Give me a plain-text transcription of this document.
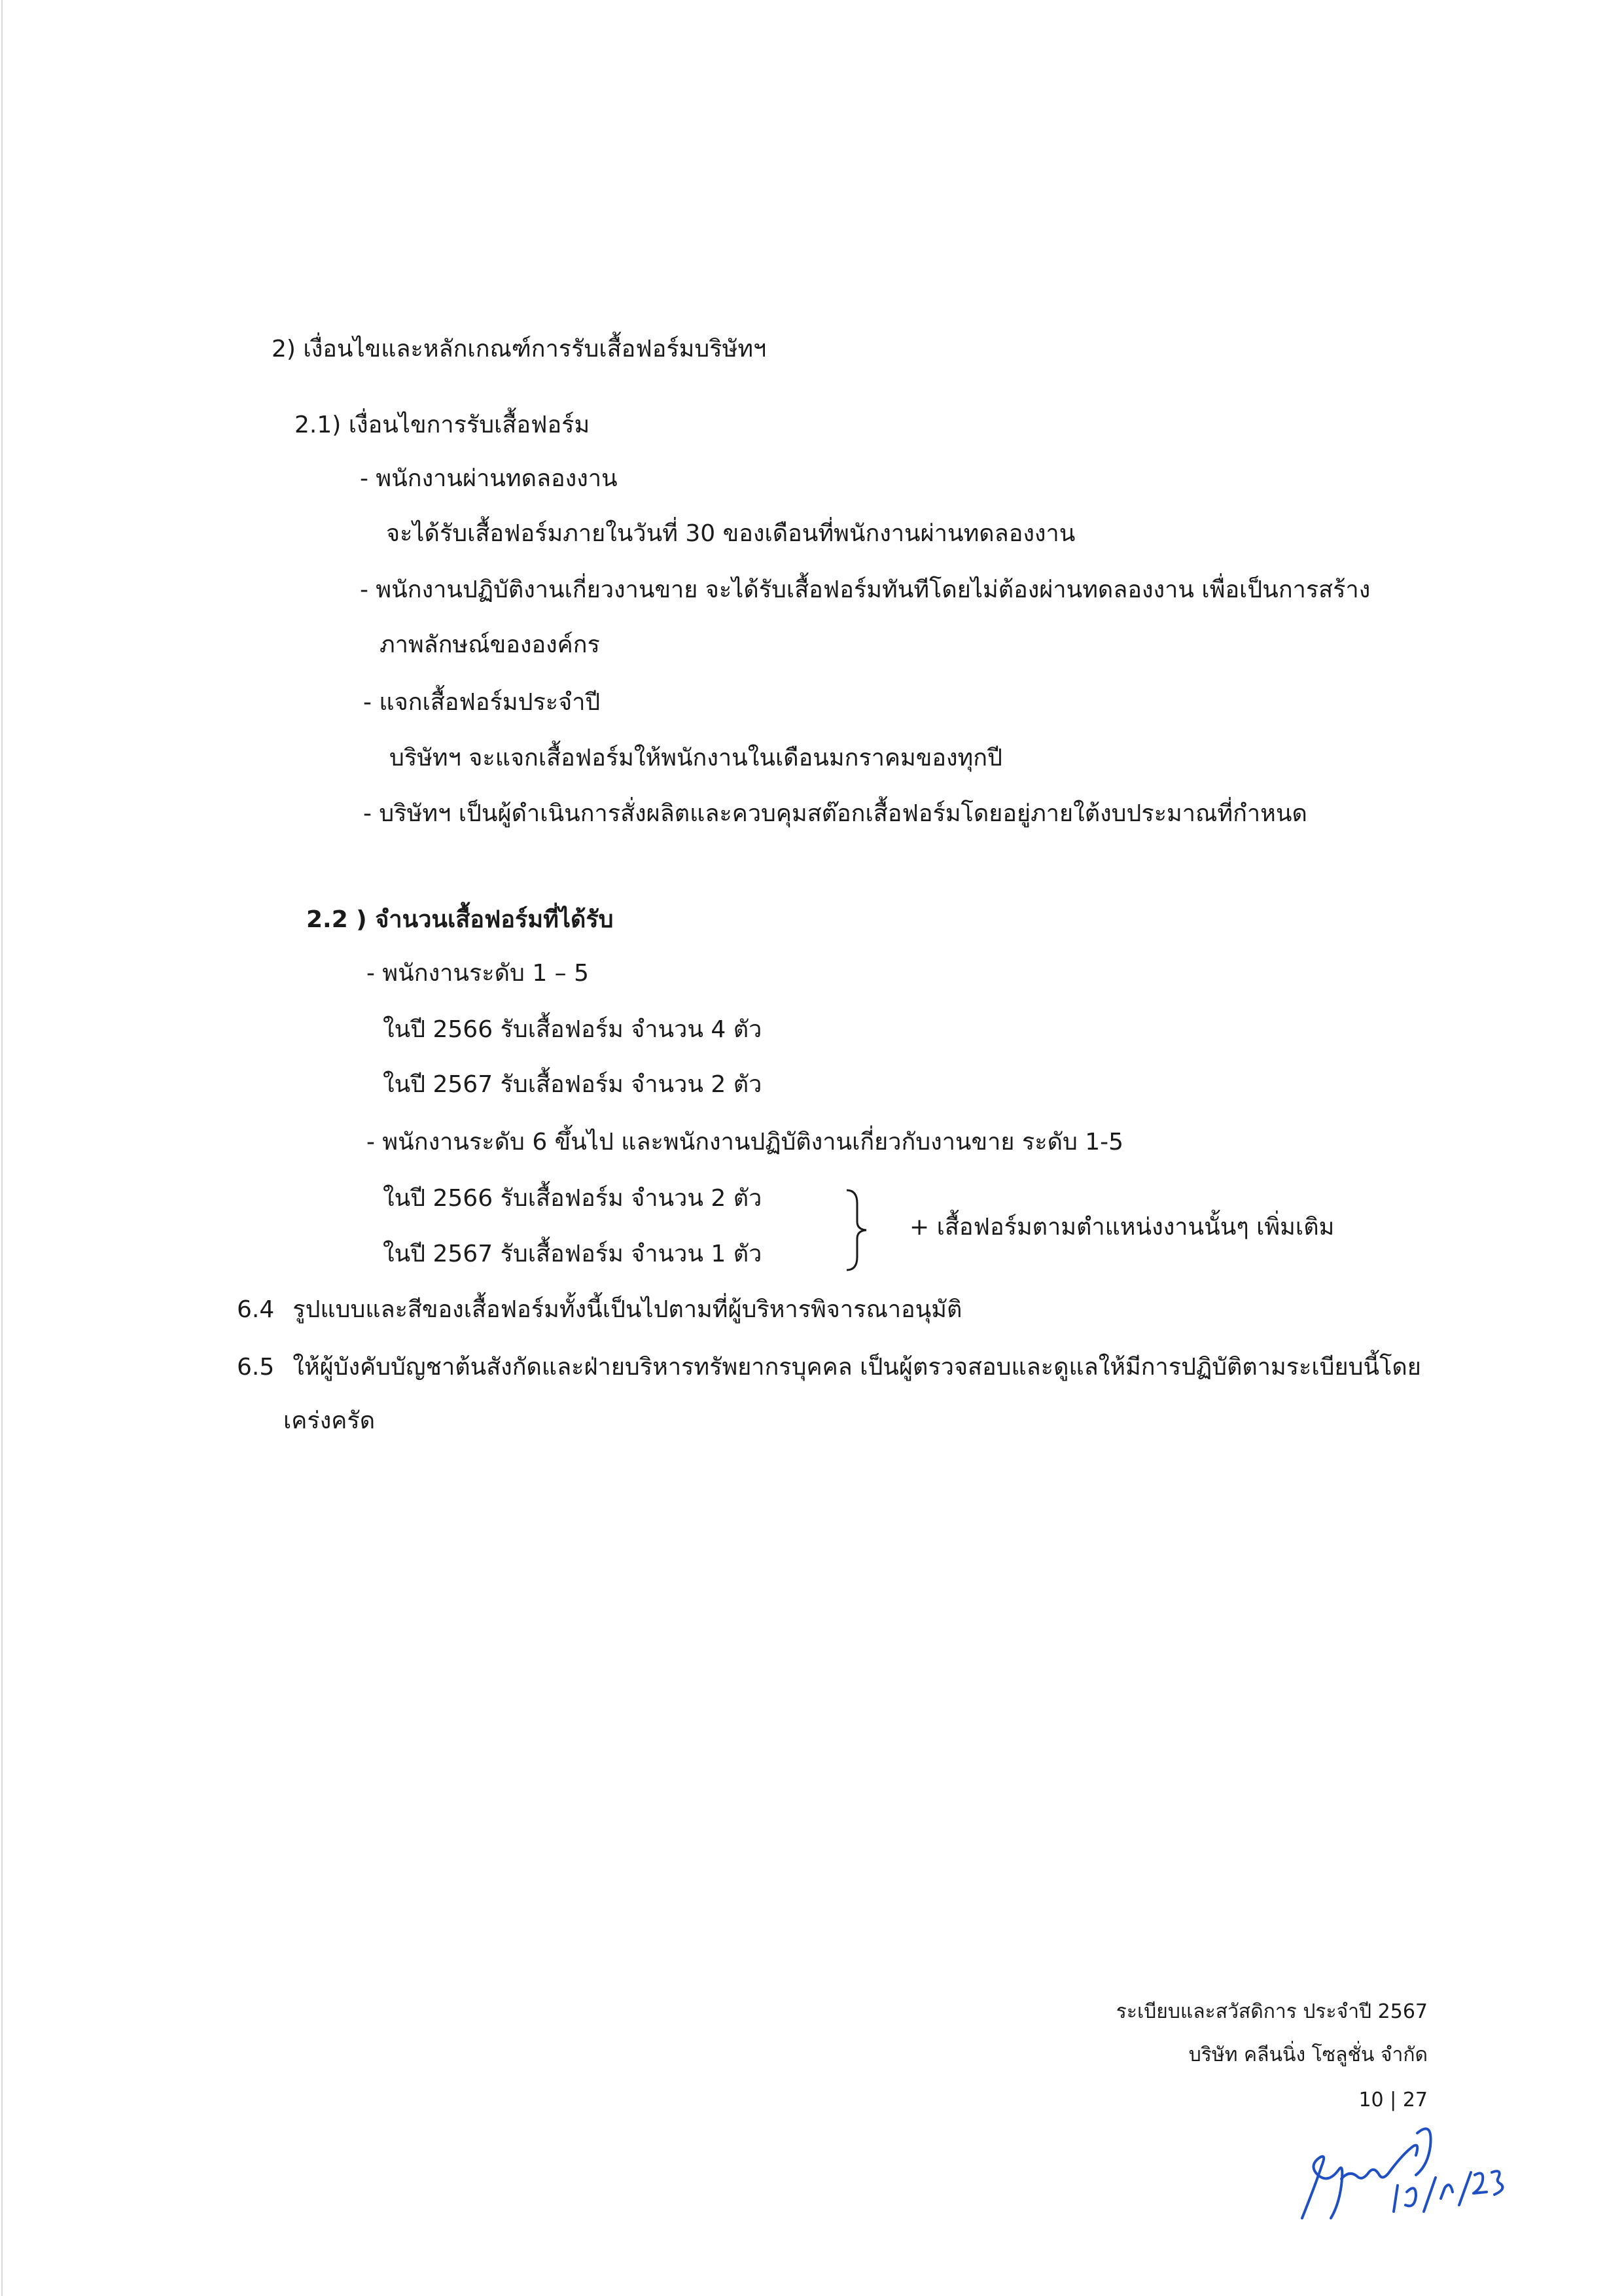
2) เงื่อนไขและหลักเกณฑ์การรับเสื้อฟอร์มบริษัทฯ
2.1) เงื่อนไขการรับเสื้อฟอร์ม
- พนักงานผ่านทดลองงาน
จะได้รับเสื้อฟอร์มภายในวันที่ 30 ของเดือนที่พนักงานผ่านทดลองงาน
- พนักงานปฏิบัติงานเกี่ยวงานขาย จะได้รับเสื้อฟอร์มทันทีโดยไม่ต้องผ่านทดลองงาน เพื่อเป็นการสร้าง
ภาพลักษณ์ขององค์กร
- แจกเสื้อฟอร์มประจำปี
บริษัทฯ จะแจกเสื้อฟอร์มให้พนักงานในเดือนมกราคมของทุกปี
- บริษัทฯ เป็นผู้ดำเนินการสั่งผลิตและควบคุมสต๊อกเสื้อฟอร์มโดยอยู่ภายใต้งบประมาณที่กำหนด
2.2 ) จำนวนเสื้อฟอร์มที่ได้รับ
- พนักงานระดับ 1 – 5
ในปี 2566 รับเสื้อฟอร์ม จำนวน 4 ตัว
ในปี 2567 รับเสื้อฟอร์ม จำนวน 2 ตัว
- พนักงานระดับ 6 ขึ้นไป และพนักงานปฏิบัติงานเกี่ยวกับงานขาย ระดับ 1-5
ในปี 2566 รับเสื้อฟอร์ม จำนวน 2 ตัว
ในปี 2567 รับเสื้อฟอร์ม จำนวน 1 ตัว
+ เสื้อฟอร์มตามตำแหน่งงานนั้นๆ เพิ่มเติม
6.4 รูปแบบและสีของเสื้อฟอร์มทั้งนี้เป็นไปตามที่ผู้บริหารพิจารณาอนุมัติ
6.5 ให้ผู้บังคับบัญชาต้นสังกัดและฝ่ายบริหารทรัพยากรบุคคล เป็นผู้ตรวจสอบและดูแลให้มีการปฏิบัติตามระเบียบนี้โดย
เคร่งครัด
ระเบียบและสวัสดิการ ประจำปี 2567
บริษัท คลีนนิ่ง โซลูชั่น จำกัด
10 | 27
